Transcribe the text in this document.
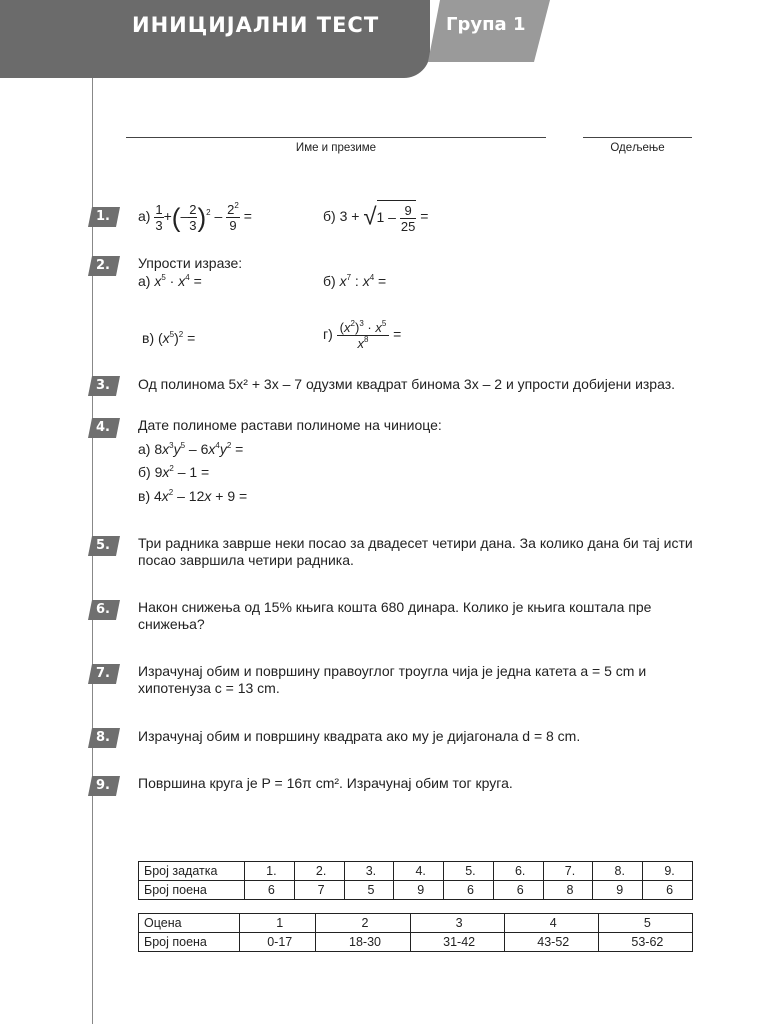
ИНИЦИЈАЛНИ ТЕСТ	Група 1
Име и презиме	Одељење
1.
2.
3.
4.
5.
6.
7.
8.
9.
$а) \frac{1}{3}$ +(– $\frac{2}{3} )^2 - \frac{2^2}{9}$ =	б) $3 + √1 - \frac{9}{25}$ =
Упрости изразе:
а) $x^5 \cdot x^4$ =	б) $x^7$ : $x^4$ =
в) $(x^5)^2$ =	$г) \frac{(x^2)^3 \cdot x^5}{x^8}$ =
Од полинома 5x² + 3x – 7 одузми квадрат бинома 3x – 2 и упрости добијени израз.
Дате полиноме растави полиноме на чиниоце:
а) $8x^3y^5 - 6x^4y^2$ =
б) $9x^2 - 1$ =
в) $4x^2 - 12x + 9$ =
Три радника заврше неки посао за двадесет четири дана. За колико дана би тај исти посао завршила четири радника.
Након снижења од 15% књига кошта 680 динара. Колико је књига коштала пре снижења?
Израчунај обим и површину правоуглог троугла чија је једна катета a = 5 cm и хипотенуза c = 13 cm.
Израчунај обим и површину квадрата ако му је дијагонала d = 8 cm.
Површина круга је P = 16π cm². Израчунај обим тог круга.
Број задатка	1.	2.	3.	4.	5.	6.	7.	8.	9.
Број поена	6	7	5	9	6	6	8	9	6
Оцена	1	2	3	4	5
Број поена	0-17	18-30	31-42	43-52	53-62
